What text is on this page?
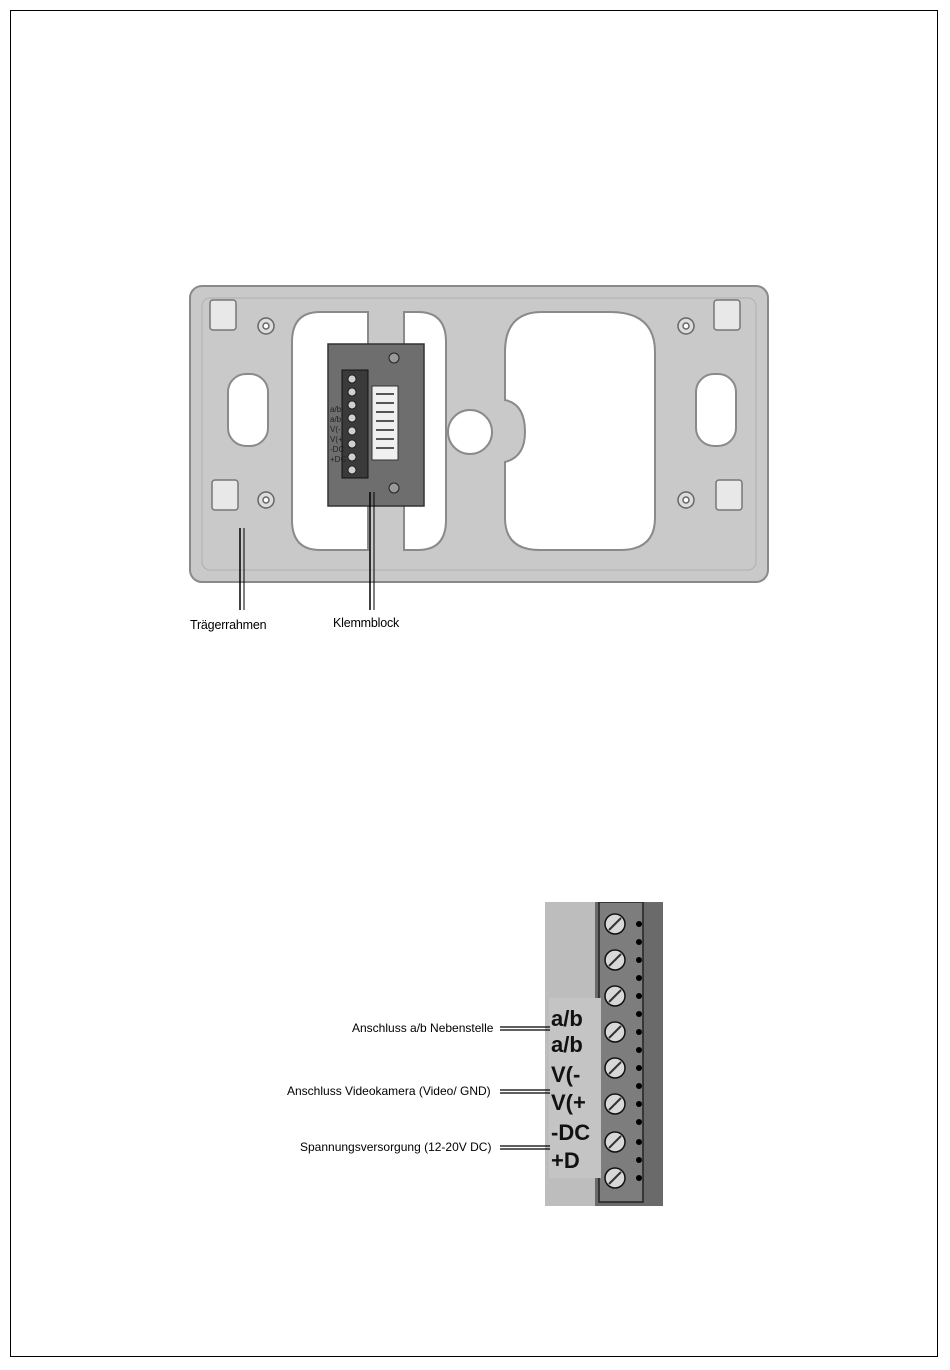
a/b
a/b
V(-
V(+
-DC
+DC
Trägerrahmen	Klemmblock
a/b
a/b
V(-
V(+
-DC
+D
Anschluss a/b Nebenstelle
Anschluss Videokamera (Video/ GND)
Spannungsversorgung (12-20V DC)
